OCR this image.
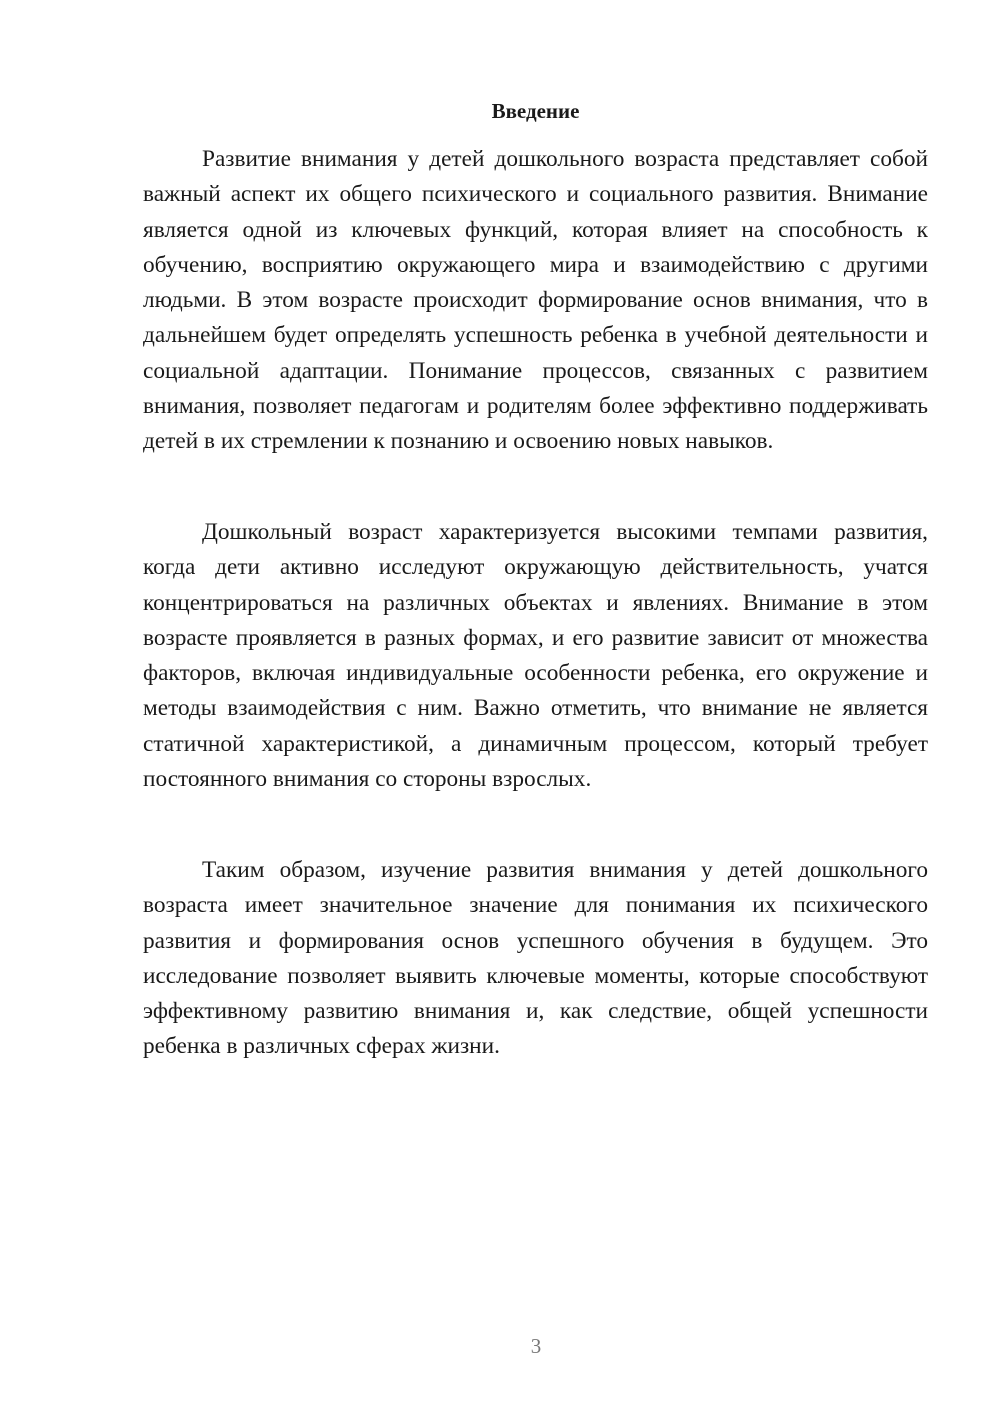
Введение

Развитие внимания у детей дошкольного возраста представляет собой важный аспект их общего психического и социального развития. Внимание является одной из ключевых функций, которая влияет на способность к обучению, восприятию окружающего мира и взаимодействию с другими людьми. В этом возрасте происходит формирование основ внимания, что в дальнейшем будет определять успешность ребенка в учебной деятельности и социальной адаптации. Понимание процессов, связанных с развитием внимания, позволяет педагогам и родителям более эффективно поддерживать детей в их стремлении к познанию и освоению новых навыков.

Дошкольный возраст характеризуется высокими темпами развития, когда дети активно исследуют окружающую действительность, учатся концентрироваться на различных объектах и явлениях. Внимание в этом возрасте проявляется в разных формах, и его развитие зависит от множества факторов, включая индивидуальные особенности ребенка, его окружение и методы взаимодействия с ним. Важно отметить, что внимание не является статичной характеристикой, а динамичным процессом, который требует постоянного внимания со стороны взрослых.

Таким образом, изучение развития внимания у детей дошкольного возраста имеет значительное значение для понимания их психического развития и формирования основ успешного обучения в будущем. Это исследование позволяет выявить ключевые моменты, которые способствуют эффективному развитию внимания и, как следствие, общей успешности ребенка в различных сферах жизни.

3
